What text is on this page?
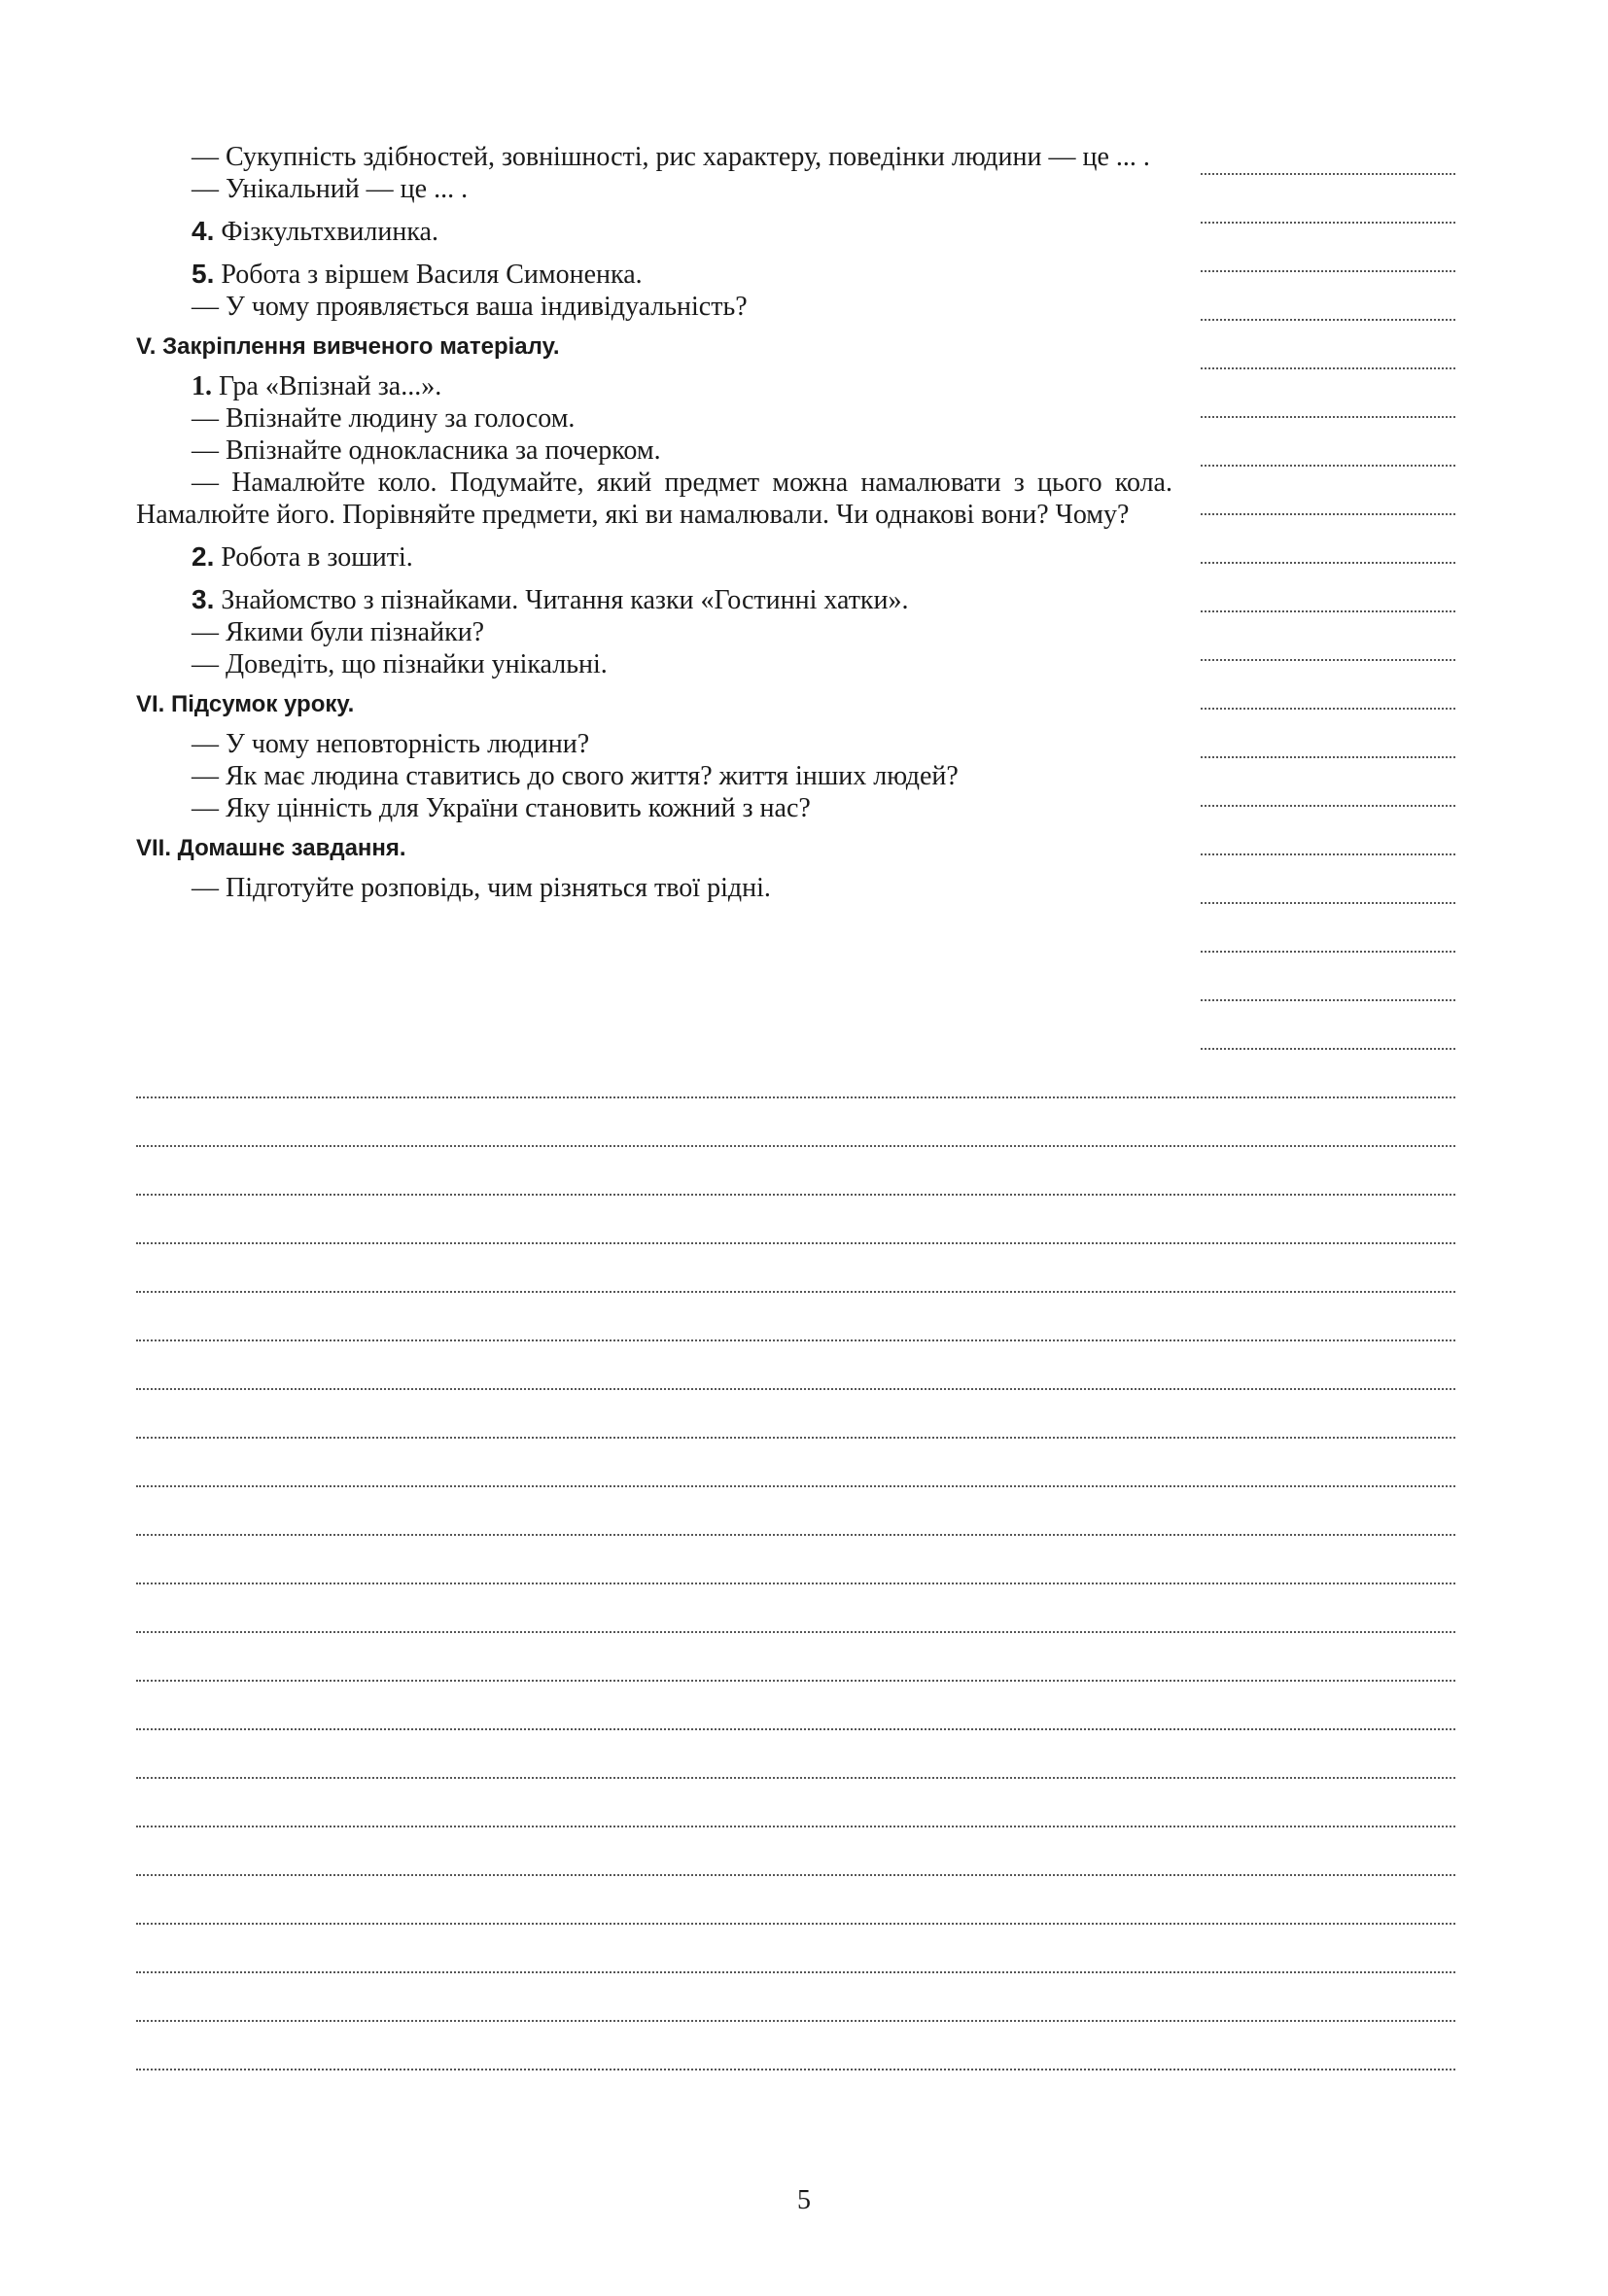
— Сукупність здібностей, зовнішності, рис характеру, поведінки людини — це ... .

— Унікальний — це ... .

4. Фізкультхвилинка.

5. Робота з віршем Василя Симоненка.

— У чому проявляється ваша індивідуальність?

V. Закріплення вивченого матеріалу.

1. Гра «Впізнай за...».

— Впізнайте людину за голосом.

— Впізнайте однокласника за почерком.

— Намалюйте коло. Подумайте, який предмет можна намалювати з цього кола. Намалюйте його. Порівняйте предмети, які ви намалювали. Чи однакові вони? Чому?

2. Робота в зошиті.

3. Знайомство з пізнайками. Читання казки «Гостинні хатки».

— Якими були пізнайки?

— Доведіть, що пізнайки унікальні.

VI. Підсумок уроку.

— У чому неповторність людини?

— Як має людина ставитись до свого життя? життя інших людей?

— Яку цінність для України становить кожний з нас?

VII. Домашнє завдання.

— Підготуйте розповідь, чим різняться твої рідні.

5
